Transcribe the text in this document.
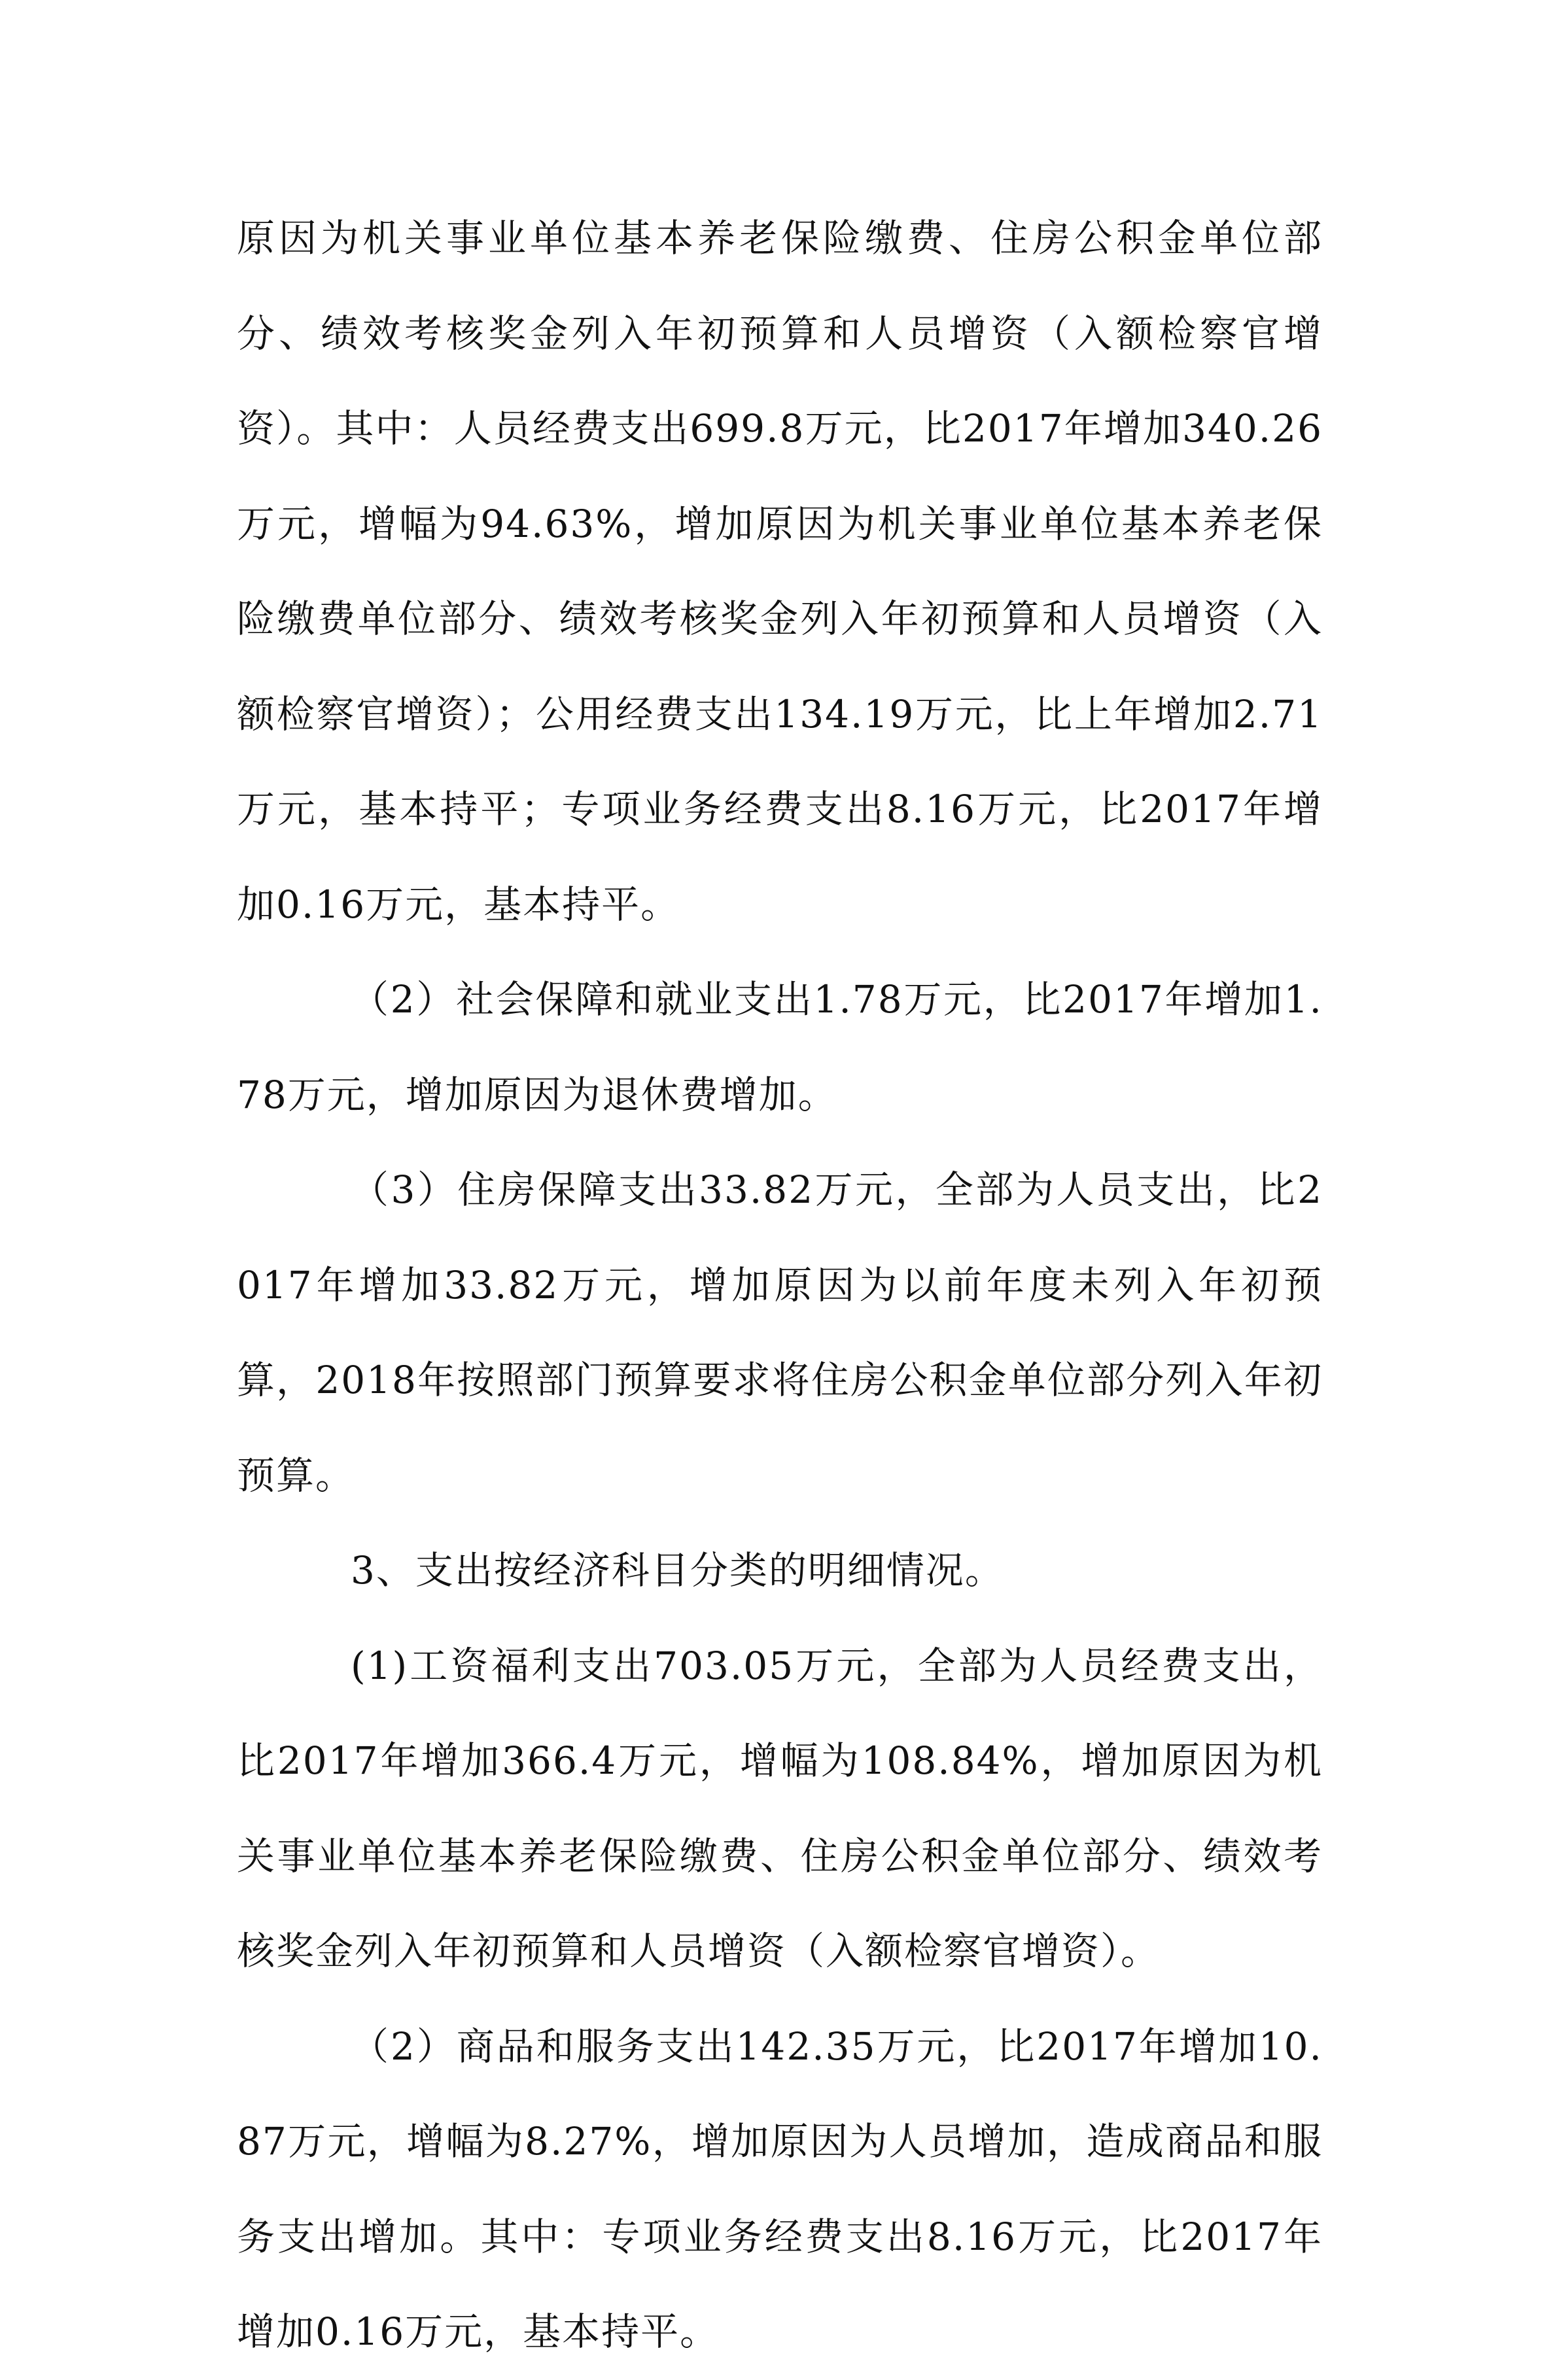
原因为机关事业单位基本养老保险缴费、住房公积金单位部分、绩效考核奖金列入年初预算和人员增资（入额检察官增资）。其中：人员经费支出699.8万元，比2017年增加340.26万元，增幅为94.63%，增加原因为机关事业单位基本养老保险缴费单位部分、绩效考核奖金列入年初预算和人员增资（入额检察官增资）；公用经费支出134.19万元，比上年增加2.71万元，基本持平；专项业务经费支出8.16万元，比2017年增加0.16万元，基本持平。

（2）社会保障和就业支出1.78万元，比2017年增加1.78万元，增加原因为退休费增加。

（3）住房保障支出33.82万元，全部为人员支出，比2017年增加33.82万元，增加原因为以前年度未列入年初预算，2018年按照部门预算要求将住房公积金单位部分列入年初预算。

3、支出按经济科目分类的明细情况。

(1)工资福利支出703.05万元，全部为人员经费支出，比2017年增加366.4万元，增幅为108.84%，增加原因为机关事业单位基本养老保险缴费、住房公积金单位部分、绩效考核奖金列入年初预算和人员增资（入额检察官增资）。

（2）商品和服务支出142.35万元，比2017年增加10.87万元，增幅为8.27%，增加原因为人员增加，造成商品和服务支出增加。其中：专项业务经费支出8.16万元，比2017年增加0.16万元，基本持平。
